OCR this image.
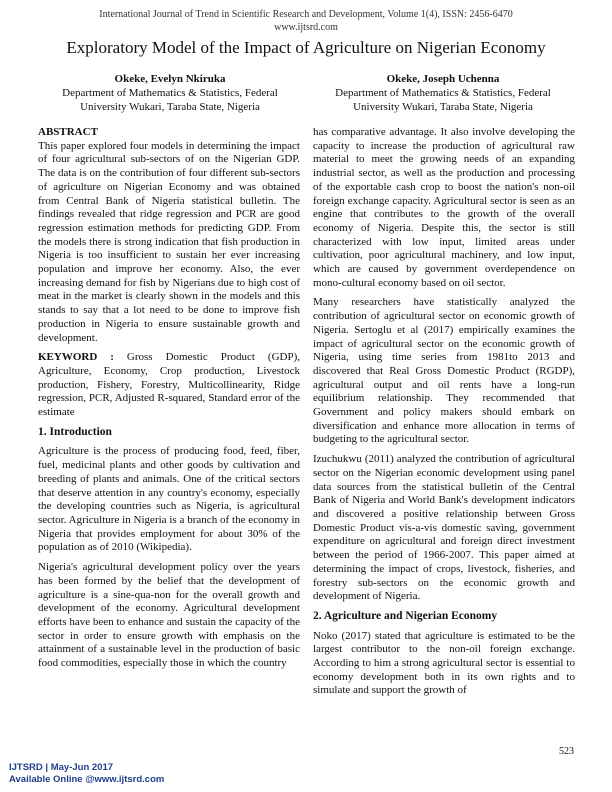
International Journal of Trend in Scientific Research and Development, Volume 1(4), ISSN: 2456-6470
www.ijtsrd.com
Exploratory Model of the Impact of Agriculture on Nigerian Economy
Okeke, Evelyn Nkiruka
Department of Mathematics & Statistics, Federal
University Wukari, Taraba State, Nigeria
Okeke, Joseph Uchenna
Department of Mathematics & Statistics, Federal
University Wukari, Taraba State, Nigeria
ABSTRACT

This paper explored four models in determining the impact of four agricultural sub-sectors of on the Nigerian GDP. The data is on the contribution of four different sub-sectors of agriculture on Nigerian Economy and was obtained from Central Bank of Nigeria statistical bulletin. The findings revealed that ridge regression and PCR are good regression estimation methods for predicting GDP. From the models there is strong indication that fish production in Nigeria is too insufficient to sustain her ever increasing population and improve her economy. Also, the ever increasing demand for fish by Nigerians due to high cost of meat in the market is clearly shown in the models and this stands to say that a lot need to be done to improve fish production in Nigeria to ensure sustainable growth and development.

KEYWORD : Gross Domestic Product (GDP), Agriculture, Economy, Crop production, Livestock production, Fishery, Forestry, Multicollinearity, Ridge regression, PCR, Adjusted R-squared, Standard error of the estimate

1. Introduction

Agriculture is the process of producing food, feed, fiber, fuel, medicinal plants and other goods by cultivation and breeding of plants and animals. One of the critical sectors that deserve attention in any country's economy, especially the developing countries such as Nigeria, is agricultural sector. Agriculture in Nigeria is a branch of the economy in Nigeria that provides employment for about 30% of the population as of 2010 (Wikipedia).

Nigeria's agricultural development policy over the years has been formed by the belief that the development of agriculture is a sine-qua-non for the overall growth and development of the economy. Agricultural development efforts have been to enhance and sustain the capacity of the sector in order to ensure growth with emphasis on the attainment of a sustainable level in the production of basic food commodities, especially those in which the country

has comparative advantage. It also involve developing the capacity to increase the production of agricultural raw material to meet the growing needs of an expanding industrial sector, as well as the production and processing of the exportable cash crop to boost the nation's non-oil foreign exchange capacity. Agricultural sector is seen as an engine that contributes to the growth of the overall economy of Nigeria. Despite this, the sector is still characterized with low input, limited areas under cultivation, poor agricultural machinery, and low input, which are caused by government overdependence on mono-cultural economy based on oil sector.

Many researchers have statistically analyzed the contribution of agricultural sector on economic growth of Nigeria. Sertoglu et al (2017) empirically examines the impact of agricultural sector on the economic growth of Nigeria, using time series from 1981to 2013 and discovered that Real Gross Domestic Product (RGDP), agricultural output and oil rents have a long-run equilibrium relationship. They recommended that Government and policy makers should embark on diversification and enhance more allocation in terms of budgeting to the agricultural sector.

Izuchukwu (2011) analyzed the contribution of agricultural sector on the Nigerian economic development using panel data sources from the statistical bulletin of the Central Bank of Nigeria and World Bank's development indicators and discovered a positive relationship between Gross Domestic Product vis-a-vis domestic saving, government expenditure on agricultural and foreign direct investment between the period of 1966-2007. This paper aimed at determining the impact of crops, livestock, fisheries, and forestry sub-sectors on the economic growth and development of Nigeria.

2. Agriculture and Nigerian Economy

Noko (2017) stated that agriculture is estimated to be the largest contributor to the non-oil foreign exchange. According to him a strong agricultural sector is essential to economy development both in its own rights and to simulate and support the growth of

523
IJTSRD | May-Jun 2017
Available Online @www.ijtsrd.com
